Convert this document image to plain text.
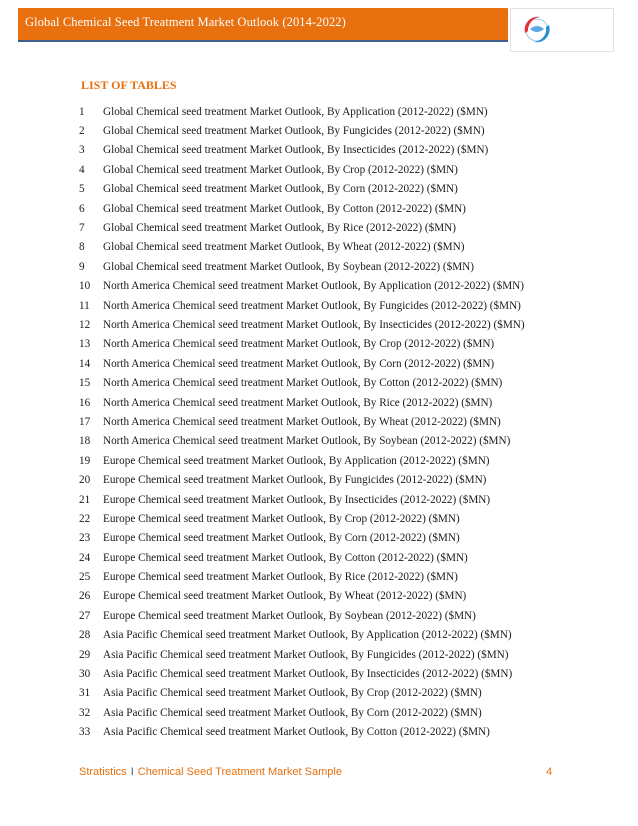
Global Chemical Seed Treatment Market Outlook (2014-2022)
LIST OF TABLES
1	Global Chemical seed treatment Market Outlook, By Application (2012-2022) ($MN)
2	Global Chemical seed treatment Market Outlook, By Fungicides (2012-2022) ($MN)
3	Global Chemical seed treatment Market Outlook, By Insecticides (2012-2022) ($MN)
4	Global Chemical seed treatment Market Outlook, By Crop (2012-2022) ($MN)
5	Global Chemical seed treatment Market Outlook, By Corn (2012-2022) ($MN)
6	Global Chemical seed treatment Market Outlook, By Cotton (2012-2022) ($MN)
7	Global Chemical seed treatment Market Outlook, By Rice (2012-2022) ($MN)
8	Global Chemical seed treatment Market Outlook, By Wheat (2012-2022) ($MN)
9	Global Chemical seed treatment Market Outlook, By Soybean (2012-2022) ($MN)
10	North America Chemical seed treatment Market Outlook, By Application (2012-2022) ($MN)
11	North America Chemical seed treatment Market Outlook, By Fungicides (2012-2022) ($MN)
12	North America Chemical seed treatment Market Outlook, By Insecticides (2012-2022) ($MN)
13	North America Chemical seed treatment Market Outlook, By Crop (2012-2022) ($MN)
14	North America Chemical seed treatment Market Outlook, By Corn (2012-2022) ($MN)
15	North America Chemical seed treatment Market Outlook, By Cotton (2012-2022) ($MN)
16	North America Chemical seed treatment Market Outlook, By Rice (2012-2022) ($MN)
17	North America Chemical seed treatment Market Outlook, By Wheat (2012-2022) ($MN)
18	North America Chemical seed treatment Market Outlook, By Soybean (2012-2022) ($MN)
19	Europe Chemical seed treatment Market Outlook, By Application (2012-2022) ($MN)
20	Europe Chemical seed treatment Market Outlook, By Fungicides (2012-2022) ($MN)
21	Europe Chemical seed treatment Market Outlook, By Insecticides (2012-2022) ($MN)
22	Europe Chemical seed treatment Market Outlook, By Crop (2012-2022) ($MN)
23	Europe Chemical seed treatment Market Outlook, By Corn (2012-2022) ($MN)
24	Europe Chemical seed treatment Market Outlook, By Cotton (2012-2022) ($MN)
25	Europe Chemical seed treatment Market Outlook, By Rice (2012-2022) ($MN)
26	Europe Chemical seed treatment Market Outlook, By Wheat (2012-2022) ($MN)
27	Europe Chemical seed treatment Market Outlook, By Soybean (2012-2022) ($MN)
28	Asia Pacific Chemical seed treatment Market Outlook, By Application (2012-2022) ($MN)
29	Asia Pacific Chemical seed treatment Market Outlook, By Fungicides (2012-2022) ($MN)
30	Asia Pacific Chemical seed treatment Market Outlook, By Insecticides (2012-2022) ($MN)
31	Asia Pacific Chemical seed treatment Market Outlook, By Crop (2012-2022) ($MN)
32	Asia Pacific Chemical seed treatment Market Outlook, By Corn (2012-2022) ($MN)
33	Asia Pacific Chemical seed treatment Market Outlook, By Cotton (2012-2022) ($MN)
Stratistics I Chemical Seed Treatment Market Sample	4
